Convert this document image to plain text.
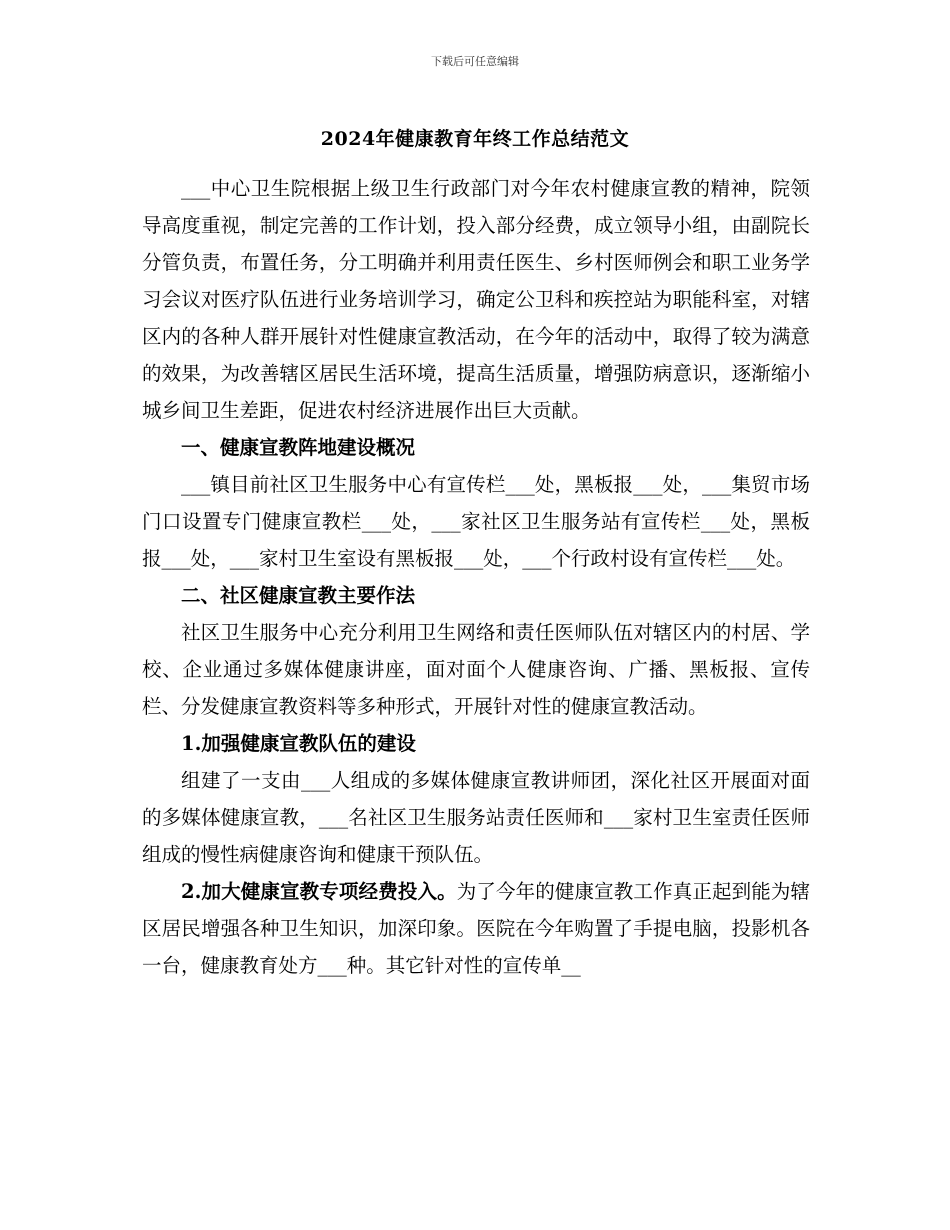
下载后可任意编辑
2024年健康教育年终工作总结范文

___中心卫生院根据上级卫生行政部门对今年农村健康宣教的精神，院领导高度重视，制定完善的工作计划，投入部分经费，成立领导小组，由副院长分管负责，布置任务，分工明确并利用责任医生、乡村医师例会和职工业务学习会议对医疗队伍进行业务培训学习，确定公卫科和疾控站为职能科室，对辖区内的各种人群开展针对性健康宣教活动，在今年的活动中，取得了较为满意的效果，为改善辖区居民生活环境，提高生活质量，增强防病意识，逐渐缩小城乡间卫生差距，促进农村经济进展作出巨大贡献。

一、健康宣教阵地建设概况

___镇目前社区卫生服务中心有宣传栏___处，黑板报___处，___集贸市场门口设置专门健康宣教栏___处，___家社区卫生服务站有宣传栏___处，黑板报___处，___家村卫生室设有黑板报___处，___个行政村设有宣传栏___处。

二、社区健康宣教主要作法

社区卫生服务中心充分利用卫生网络和责任医师队伍对辖区内的村居、学校、企业通过多媒体健康讲座，面对面个人健康咨询、广播、黑板报、宣传栏、分发健康宣教资料等多种形式，开展针对性的健康宣教活动。

1.加强健康宣教队伍的建设

组建了一支由___人组成的多媒体健康宣教讲师团，深化社区开展面对面的多媒体健康宣教，___名社区卫生服务站责任医师和___家村卫生室责任医师组成的慢性病健康咨询和健康干预队伍。

2.加大健康宣教专项经费投入。为了今年的健康宣教工作真正起到能为辖区居民增强各种卫生知识，加深印象。医院在今年购置了手提电脑，投影机各一台，健康教育处方___种。其它针对性的宣传单__
